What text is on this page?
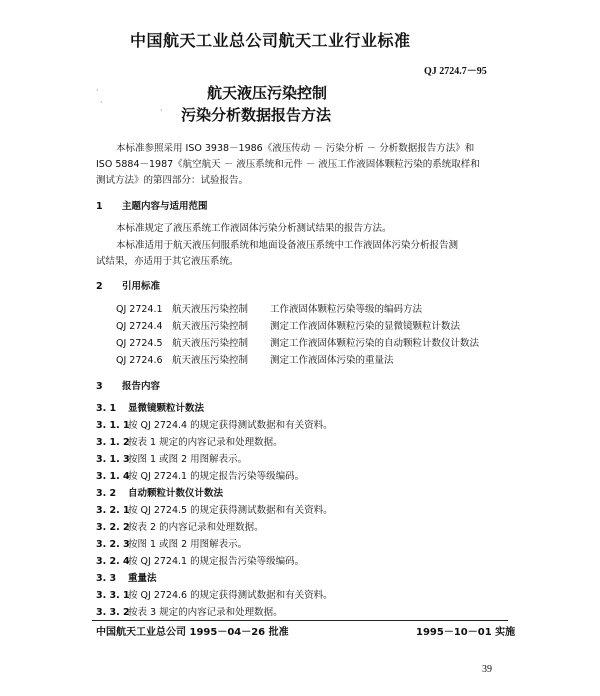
中国航天工业总公司航天工业行业标准
QJ 2724.7－95
航天液压污染控制
污染分析数据报告方法
·
·
·
本标准参照采用 ISO 3938－1986《液压传动 － 污染分析 － 分析数据报告方法》和
ISO 5884－1987《航空航天 － 液压系统和元件 － 液压工作液固体颗粒污染的系统取样和
测试方法》的第四部分：试验报告。
1 主题内容与适用范围
本标准规定了液压系统工作液固体污染分析测试结果的报告方法。
本标准适用于航天液压伺服系统和地面设备液压系统中工作液固体污染分析报告测
试结果，亦适用于其它液压系统。
2 引用标准
QJ 2724.1 航天液压污染控制 工作液固体颗粒污染等级的编码方法
QJ 2724.4 航天液压污染控制 测定工作液固体颗粒污染的显微镜颗粒计数法
QJ 2724.5 航天液压污染控制 测定工作液固体颗粒污染的自动颗粒计数仪计数法
QJ 2724.6 航天液压污染控制 测定工作液固体污染的重量法
3 报告内容
3. 1 显微镜颗粒计数法
3. 1. 1按 QJ 2724.4 的规定获得测试数据和有关资料。
3. 1. 2按表 1 规定的内容记录和处理数据。
3. 1. 3按图 1 或图 2 用图解表示。
3. 1. 4按 QJ 2724.1 的规定报告污染等级编码。
3. 2 自动颗粒计数仪计数法
3. 2. 1按 QJ 2724.5 的规定获得测试数据和有关资料。
3. 2. 2按表 2 的内容记录和处理数据。
3. 2. 3按图 1 或图 2 用图解表示。
3. 2. 4按 QJ 2724.1 的规定报告污染等级编码。
3. 3 重量法
3. 3. 1按 QJ 2724.6 的规定获得测试数据和有关资料。
3. 3. 2按表 3 规定的内容记录和处理数据。
中国航天工业总公司 1995－04－26 批准	1995－10－01 实施
39
